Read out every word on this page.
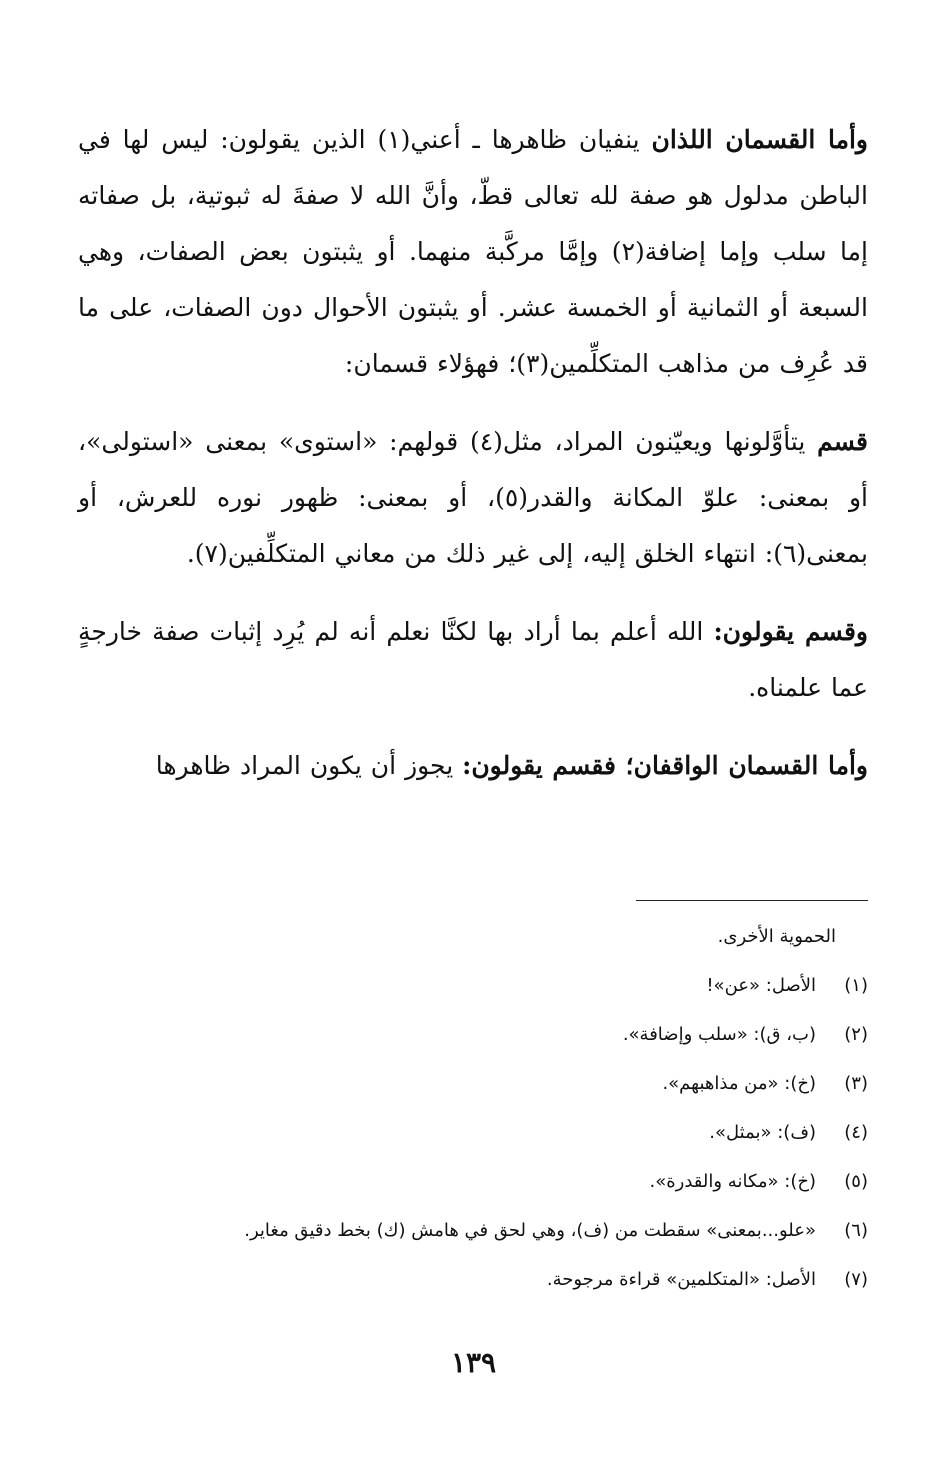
وأما القسمان اللذان ينفيان ظاهرها ـ أعني(١) الذين يقولون: ليس لها في الباطن مدلول هو صفة لله تعالى قطّ، وأنَّ الله لا صفةَ له ثبوتية، بل صفاته إما سلب وإما إضافة(٢) وإمَّا مركَّبة منهما. أو يثبتون بعض الصفات، وهي السبعة أو الثمانية أو الخمسة عشر. أو يثبتون الأحوال دون الصفات، على ما قد عُرِف من مذاهب المتكلِّمين(٣)؛ فهؤلاء قسمان:

قسم يتأوَّلونها ويعيّنون المراد، مثل(٤) قولهم: «استوى» بمعنى «استولى»، أو بمعنى: علوّ المكانة والقدر(٥)، أو بمعنى: ظهور نوره للعرش، أو بمعنى(٦): انتهاء الخلق إليه، إلى غير ذلك من معاني المتكلِّفين(٧).

وقسم يقولون: الله أعلم بما أراد بها لكنَّا نعلم أنه لم يُرِد إثبات صفة خارجةٍ عما علمناه.

وأما القسمان الواقفان؛ فقسم يقولون: يجوز أن يكون المراد ظاهرها

الحموية الأخرى.

(١)
الأصل: «عن»!
(٢)
(ب، ق): «سلب وإضافة».
(٣)
(خ): «من مذاهبهم».
(٤)
(ف): «بمثل».
(٥)
(خ): «مكانه والقدرة».
(٦)
«علو...بمعنى» سقطت من (ف)، وهي لحق في هامش (ك) بخط دقيق مغاير.
(٧)
الأصل: «المتكلمين» قراءة مرجوحة.
١٣٩
